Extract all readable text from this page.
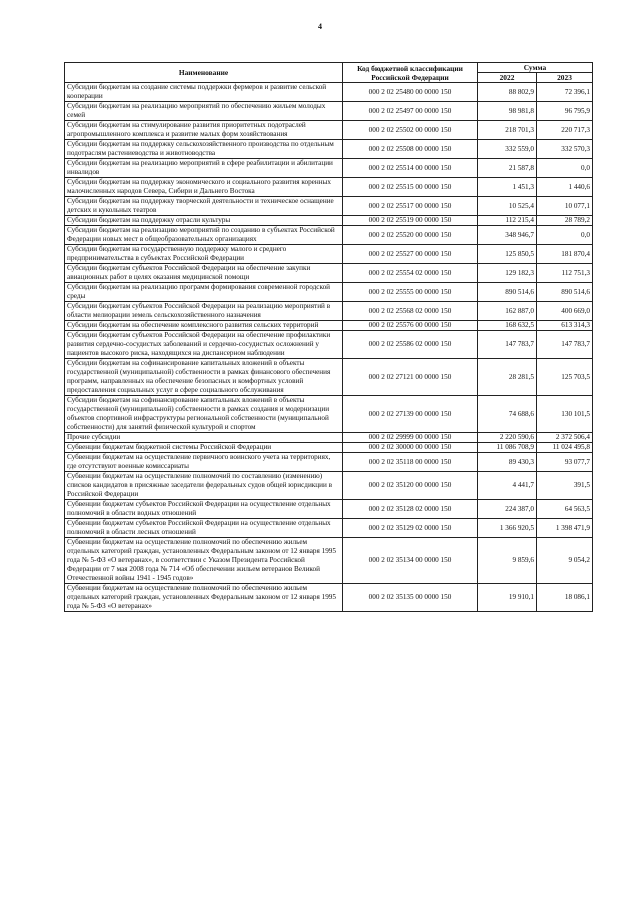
4
Наименование	Код бюджетной классификации Российской Федерации	Сумма	
		2022	2023
Субсидии бюджетам на создание системы поддержки фермеров и развитие сельской кооперации	000 2 02 25480 00 0000 150	88 802,9	72 396,1
Субсидии бюджетам на реализацию мероприятий по обеспечению жильем молодых семей	000 2 02 25497 00 0000 150	98 981,8	96 795,9
Субсидии бюджетам на стимулирование развития приоритетных подотраслей агропромышленного комплекса и развитие малых форм хозяйствования	000 2 02 25502 00 0000 150	218 701,3	220 717,3
Субсидии бюджетам на поддержку сельскохозяйственного производства по отдельным подотраслям растениеводства и животноводства	000 2 02 25508 00 0000 150	332 559,0	332 570,3
Субсидии бюджетам на реализацию мероприятий в сфере реабилитации и абилитации инвалидов	000 2 02 25514 00 0000 150	21 587,8	0,0
Субсидии бюджетам на поддержку экономического и социального развития коренных малочисленных народов Севера, Сибири и Дальнего Востока	000 2 02 25515 00 0000 150	1 451,3	1 440,6
Субсидии бюджетам на поддержку творческой деятельности и техническое оснащение детских и кукольных театров	000 2 02 25517 00 0000 150	10 525,4	10 077,1
Субсидии бюджетам на поддержку отрасли культуры	000 2 02 25519 00 0000 150	112 215,4	28 789,2
Субсидии бюджетам на реализацию мероприятий по созданию в субъектах Российской Федерации новых мест в общеобразовательных организациях	000 2 02 25520 00 0000 150	348 946,7	0,0
Субсидии бюджетам на государственную поддержку малого и среднего предпринимательства в субъектах Российской Федерации	000 2 02 25527 00 0000 150	125 850,5	181 870,4
Субсидии бюджетам субъектов Российской Федерации на обеспечение закупки авиационных работ в целях оказания медицинской помощи	000 2 02 25554 02 0000 150	129 182,3	112 751,3
Субсидии бюджетам на реализацию программ формирования современной городской среды	000 2 02 25555 00 0000 150	890 514,6	890 514,6
Субсидии бюджетам субъектов Российской Федерации на реализацию мероприятий в области мелиорации земель сельскохозяйственного назначения	000 2 02 25568 02 0000 150	162 887,0	400 669,0
Субсидии бюджетам на обеспечение комплексного развития сельских территорий	000 2 02 25576 00 0000 150	168 632,5	613 314,3
Субсидии бюджетам субъектов Российской Федерации на обеспечение профилактики развития сердечно-сосудистых заболеваний и сердечно-сосудистых осложнений у пациентов высокого риска, находящихся на диспансерном наблюдении	000 2 02 25586 02 0000 150	147 783,7	147 783,7
Субсидии бюджетам на софинансирование капитальных вложений в объекты государственной (муниципальной) собственности в рамках финансового обеспечения программ, направленных на обеспечение безопасных и комфортных условий предоставления социальных услуг в сфере социального обслуживания	000 2 02 27121 00 0000 150	28 281,5	125 703,5
Субсидии бюджетам на софинансирование капитальных вложений в объекты государственной (муниципальной) собственности в рамках создания и модернизации объектов спортивной инфраструктуры региональной собственности (муниципальной собственности) для занятий физической культурой и спортом	000 2 02 27139 00 0000 150	74 688,6	130 101,5
Прочие субсидии	000 2 02 29999 00 0000 150	2 220 590,6	2 372 506,4
Субвенции бюджетам бюджетной системы Российской Федерации	000 2 02 30000 00 0000 150	11 086 708,9	11 024 495,8
Субвенции бюджетам на осуществление первичного воинского учета на территориях, где отсутствуют военные комиссариаты	000 2 02 35118 00 0000 150	89 430,3	93 077,7
Субвенции бюджетам на осуществление полномочий по составлению (изменению) списков кандидатов в присяжные заседатели федеральных судов общей юрисдикции в Российской Федерации	000 2 02 35120 00 0000 150	4 441,7	391,5
Субвенции бюджетам субъектов Российской Федерации на осуществление отдельных полномочий в области водных отношений	000 2 02 35128 02 0000 150	224 387,0	64 563,5
Субвенции бюджетам субъектов Российской Федерации на осуществление отдельных полномочий в области лесных отношений	000 2 02 35129 02 0000 150	1 366 920,5	1 398 471,9
Субвенции бюджетам на осуществление полномочий по обеспечению жильем отдельных категорий граждан, установленных Федеральным законом от 12 января 1995 года № 5-ФЗ «О ветеранах», в соответствии с Указом Президента Российской Федерации от 7 мая 2008 года № 714 «Об обеспечении жильем ветеранов Великой Отечественной войны 1941 - 1945 годов»	000 2 02 35134 00 0000 150	9 859,6	9 054,2
Субвенции бюджетам на осуществление полномочий по обеспечению жильем отдельных категорий граждан, установленных Федеральным законом от 12 января 1995 года № 5-ФЗ «О ветеранах»	000 2 02 35135 00 0000 150	19 910,1	18 086,1
